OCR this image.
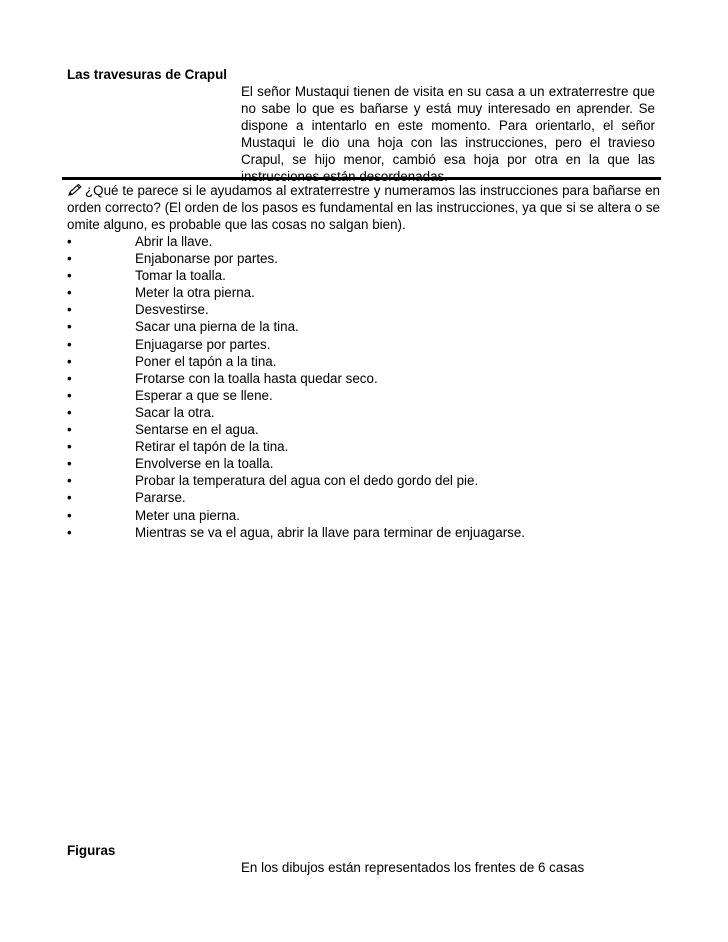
Las travesuras de Crapul
El señor Mustaqui tienen de visita en su casa a un extraterrestre que no sabe lo que es bañarse y está muy interesado en aprender. Se dispone a intentarlo en este momento. Para orientarlo, el señor Mustaqui le dio una hoja con las instrucciones, pero el travieso Crapul, se hijo menor, cambió esa hoja por otra en la que las instrucciones están desordenadas.
¿Qué te parece si le ayudamos al extraterrestre y numeramos las instrucciones para bañarse en orden correcto? (El orden de los pasos es fundamental en las instrucciones, ya que si se altera o se omite alguno, es probable que las cosas no salgan bien).
•	Abrir la llave.
•	Enjabonarse por partes.
•	Tomar la toalla.
•	Meter la otra pierna.
•	Desvestirse.
•	Sacar una pierna de la tina.
•	Enjuagarse por partes.
•	Poner el tapón a la tina.
•	Frotarse con la toalla hasta quedar seco.
•	Esperar a que se llene.
•	Sacar la otra.
•	Sentarse en el agua.
•	Retirar el tapón de la tina.
•	Envolverse en la toalla.
•	Probar la temperatura del agua con el dedo gordo del pie.
•	Pararse.
•	Meter una pierna.
•	Mientras se va el agua, abrir la llave para terminar de enjuagarse.
Figuras
En los dibujos están representados los frentes de 6 casas
